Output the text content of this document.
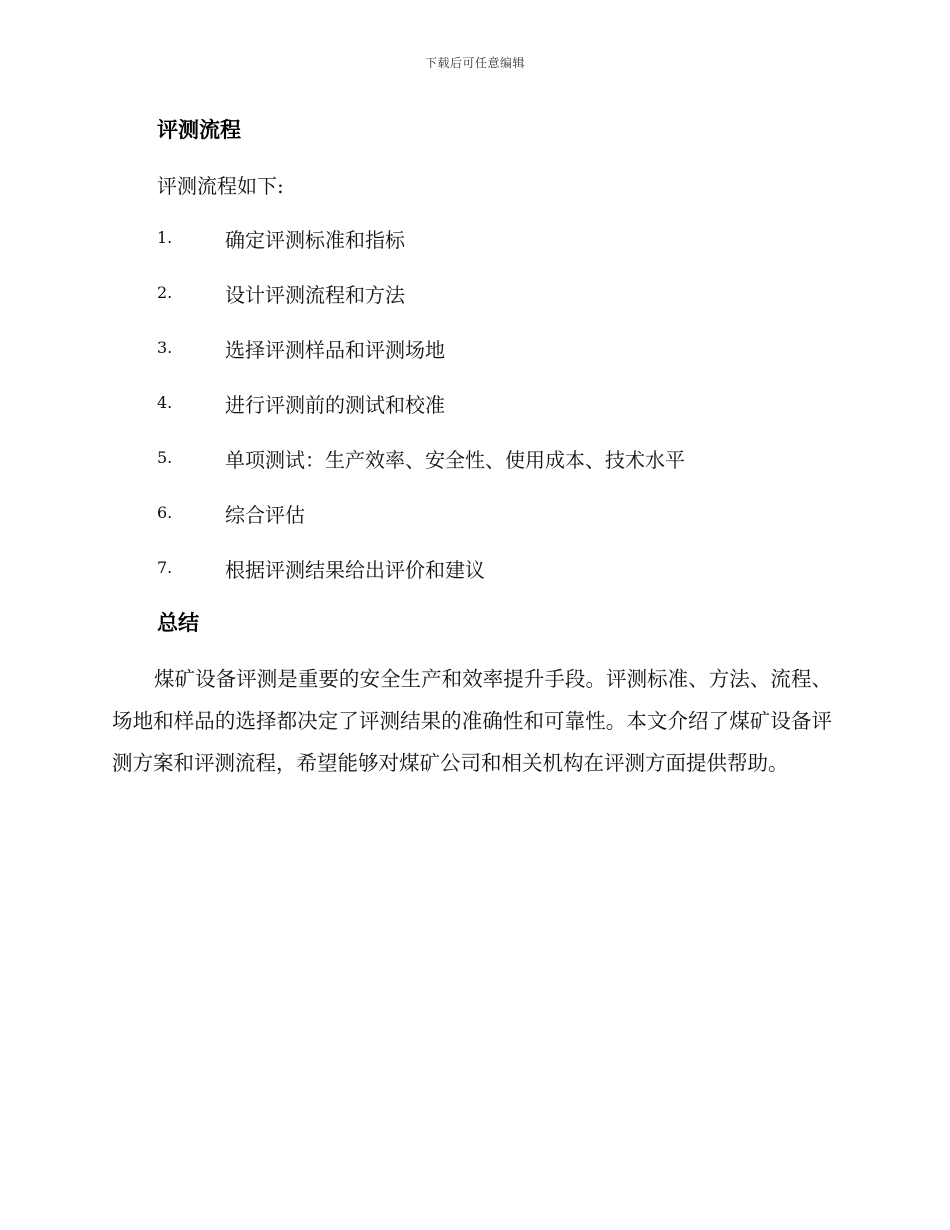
下载后可任意编辑
评测流程
评测流程如下:
1.	确定评测标准和指标
2.	设计评测流程和方法
3.	选择评测样品和评测场地
4.	进行评测前的测试和校准
5.	单项测试：生产效率、安全性、使用成本、技术水平
6.	综合评估
7.	根据评测结果给出评价和建议
总结

煤矿设备评测是重要的安全生产和效率提升手段。评测标准、方法、流程、场地和样品的选择都决定了评测结果的准确性和可靠性。本文介绍了煤矿设备评测方案和评测流程，希望能够对煤矿公司和相关机构在评测方面提供帮助。
